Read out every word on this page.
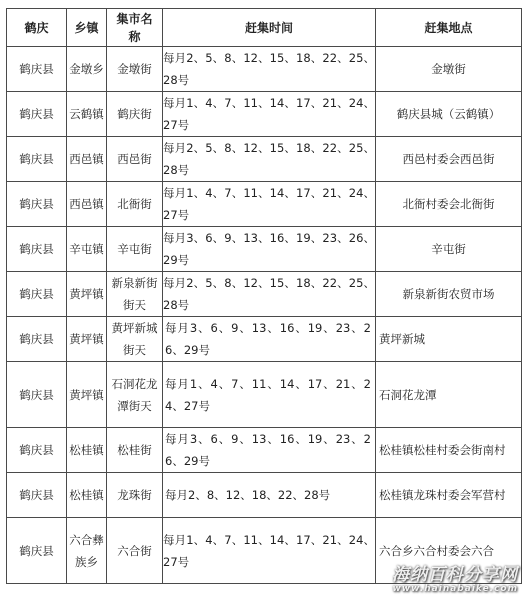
鹤庆	乡镇	集市名称	赶集时间	赶集地点
鹤庆县	金墩乡	金墩街	每月2、5、8、12、15、18、22、25、28号	金墩街
鹤庆县	云鹤镇	鹤庆街	每月1、4、7、11、14、17、21、24、27号	鹤庆县城（云鹤镇）
鹤庆县	西邑镇	西邑街	每月2、5、8、12、15、18、22、25、28号	西邑村委会西邑街
鹤庆县	西邑镇	北衙街	每月1、4、7、11、14、17、21、24、27号	北衙村委会北衙街
鹤庆县	辛屯镇	辛屯街	每月3、6、9、13、16、19、23、26、29号	辛屯街
鹤庆县	黄坪镇	新泉新街街天	每月2、5、8、12、15、18、22、25、28号	新泉新街农贸市场
鹤庆县	黄坪镇	黄坪新城街天	每月3、6、9、13、16、19、23、26、29号	黄坪新城
鹤庆县	黄坪镇	石洞花龙潭街天	每月1、4、7、11、14、17、21、24、27号	石洞花龙潭
鹤庆县	松桂镇	松桂街	每月3、6、9、13、16、19、23、26、29号	松桂镇松桂村委会街南村
鹤庆县	松桂镇	龙珠街	每月2、8、12、18、22、28号	松桂镇龙珠村委会军营村
鹤庆县	六合彝族乡	六合街	每月1、4、7、11、14、17、21、24、27号	六合乡六合村委会六合
海纳百科分享网
www.hainabaike.com
